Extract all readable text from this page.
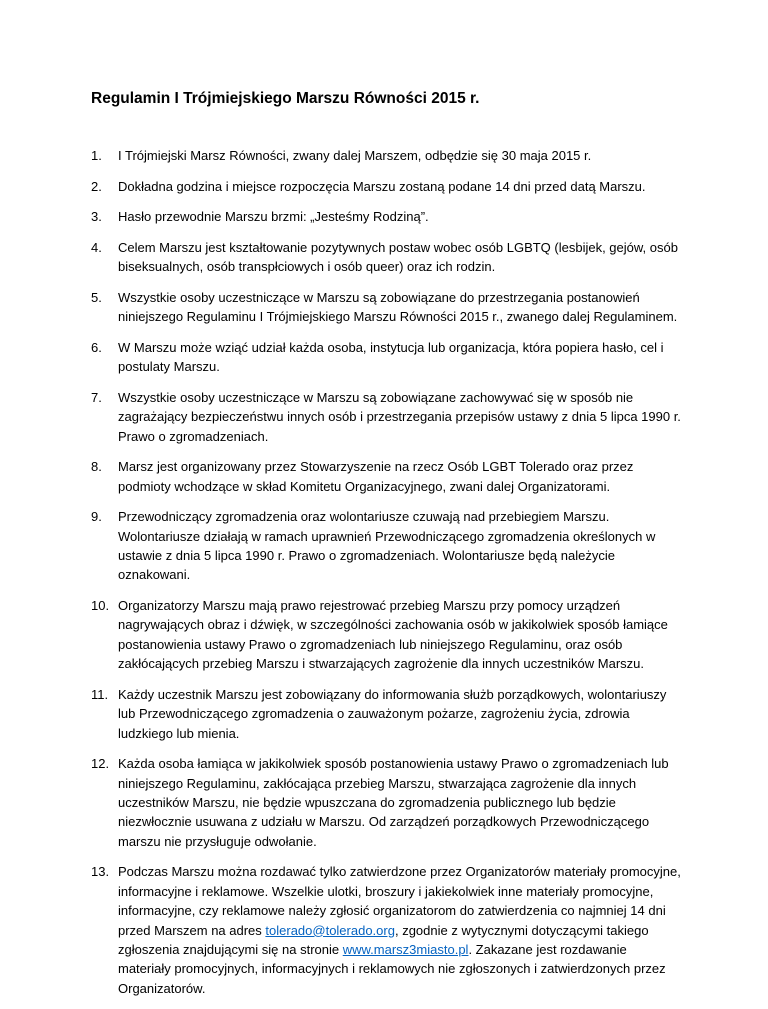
Regulamin I Trójmiejskiego Marszu Równości 2015 r.
1. I Trójmiejski Marsz Równości, zwany dalej Marszem, odbędzie się 30 maja 2015 r.
2. Dokładna godzina i miejsce rozpoczęcia Marszu zostaną podane 14 dni przed datą Marszu.
3. Hasło przewodnie Marszu brzmi: „Jesteśmy Rodziną”.
4. Celem Marszu jest kształtowanie pozytywnych postaw wobec osób LGBTQ (lesbijek, gejów, osób biseksualnych, osób transpłciowych i osób queer) oraz ich rodzin.
5. Wszystkie osoby uczestniczące w Marszu są zobowiązane do przestrzegania postanowień niniejszego Regulaminu I Trójmiejskiego Marszu Równości 2015 r., zwanego dalej Regulaminem.
6. W Marszu może wziąć udział każda osoba, instytucja lub organizacja, która popiera hasło, cel i postulaty Marszu.
7. Wszystkie osoby uczestniczące w Marszu są zobowiązane zachowywać się w sposób nie zagrażający bezpieczeństwu innych osób i przestrzegania przepisów ustawy z dnia 5 lipca 1990 r. Prawo o zgromadzeniach.
8. Marsz jest organizowany przez Stowarzyszenie na rzecz Osób LGBT Tolerado oraz przez podmioty wchodzące w skład Komitetu Organizacyjnego, zwani dalej Organizatorami.
9. Przewodniczący zgromadzenia oraz wolontariusze czuwają nad przebiegiem Marszu. Wolontariusze działają w ramach uprawnień Przewodniczącego zgromadzenia określonych w ustawie z dnia 5 lipca 1990 r. Prawo o zgromadzeniach. Wolontariusze będą należycie oznakowani.
10. Organizatorzy Marszu mają prawo rejestrować przebieg Marszu przy pomocy urządzeń nagrywających obraz i dźwięk, w szczególności zachowania osób w jakikolwiek sposób łamiące postanowienia ustawy Prawo o zgromadzeniach lub niniejszego Regulaminu, oraz osób zakłócających przebieg Marszu i stwarzających zagrożenie dla innych uczestników Marszu.
11. Każdy uczestnik Marszu jest zobowiązany do informowania służb porządkowych, wolontariuszy lub Przewodniczącego zgromadzenia o zauważonym pożarze, zagrożeniu życia, zdrowia ludzkiego lub mienia.
12. Każda osoba łamiąca w jakikolwiek sposób postanowienia ustawy Prawo o zgromadzeniach lub niniejszego Regulaminu, zakłócająca przebieg Marszu, stwarzająca zagrożenie dla innych uczestników Marszu, nie będzie wpuszczana do zgromadzenia publicznego lub będzie niezwłocznie usuwana z udziału w Marszu. Od zarządzeń porządkowych Przewodniczącego marszu nie przysługuje odwołanie.
13. Podczas Marszu można rozdawać tylko zatwierdzone przez Organizatorów materiały promocyjne, informacyjne i reklamowe. Wszelkie ulotki, broszury i jakiekolwiek inne materiały promocyjne, informacyjne, czy reklamowe należy zgłosić organizatorom do zatwierdzenia co najmniej 14 dni przed Marszem na adres tolerado@tolerado.org, zgodnie z wytycznymi dotyczącymi takiego zgłoszenia znajdującymi się na stronie www.marsz3miasto.pl. Zakazane jest rozdawanie materiały promocyjnych, informacyjnych i reklamowych nie zgłoszonych i zatwierdzonych przez Organizatorów.
